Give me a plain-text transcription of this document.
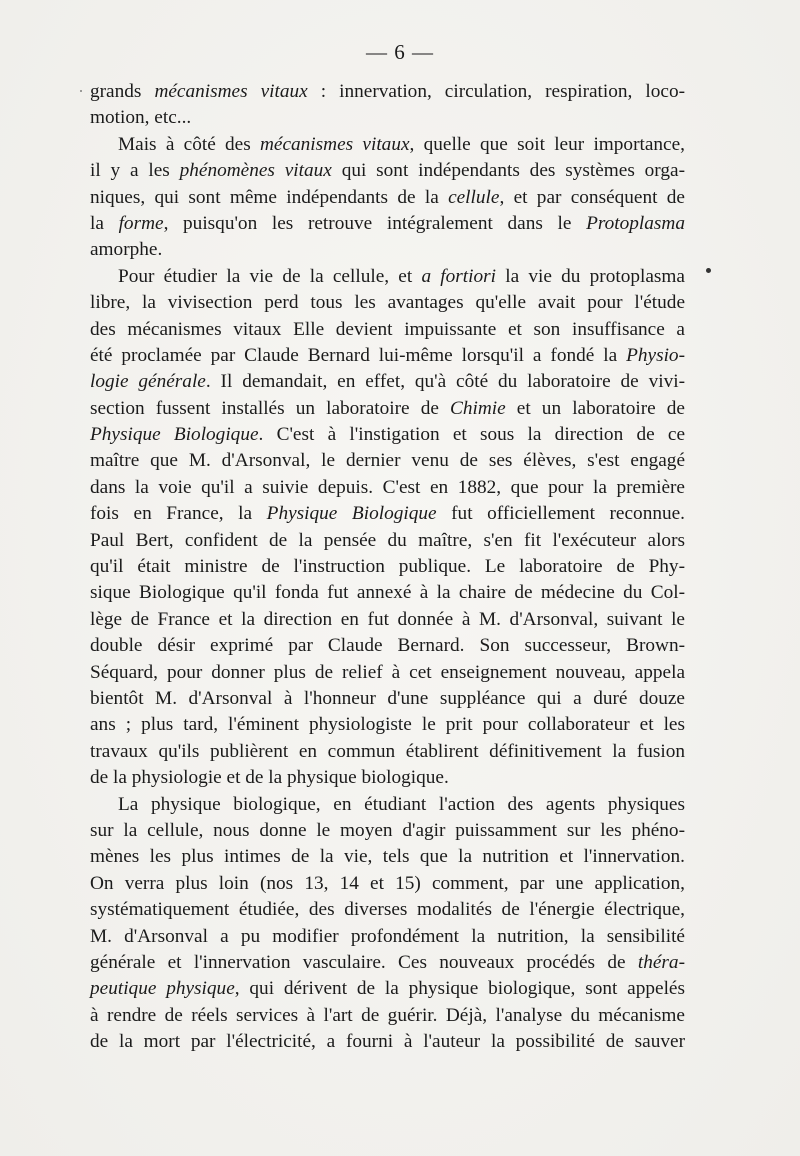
— 6 —
grands mécanismes vitaux : innervation, circulation, respiration, loco-
motion, etc...
Mais à côté des mécanismes vitaux, quelle que soit leur importance,
il y a les phénomènes vitaux qui sont indépendants des systèmes orga-
niques, qui sont même indépendants de la cellule, et par conséquent de
la forme, puisqu'on les retrouve intégralement dans le Protoplasma
amorphe.
Pour étudier la vie de la cellule, et a fortiori la vie du protoplasma
libre, la vivisection perd tous les avantages qu'elle avait pour l'étude
des mécanismes vitaux Elle devient impuissante et son insuffisance a
été proclamée par Claude Bernard lui-même lorsqu'il a fondé la Physio-
logie générale. Il demandait, en effet, qu'à côté du laboratoire de vivi-
section fussent installés un laboratoire de Chimie et un laboratoire de
Physique Biologique. C'est à l'instigation et sous la direction de ce
maître que M. d'Arsonval, le dernier venu de ses élèves, s'est engagé
dans la voie qu'il a suivie depuis. C'est en 1882, que pour la première
fois en France, la Physique Biologique fut officiellement reconnue.
Paul Bert, confident de la pensée du maître, s'en fit l'exécuteur alors
qu'il était ministre de l'instruction publique. Le laboratoire de Phy-
sique Biologique qu'il fonda fut annexé à la chaire de médecine du Col-
lège de France et la direction en fut donnée à M. d'Arsonval, suivant le
double désir exprimé par Claude Bernard. Son successeur, Brown-
Séquard, pour donner plus de relief à cet enseignement nouveau, appela
bientôt M. d'Arsonval à l'honneur d'une suppléance qui a duré douze
ans ; plus tard, l'éminent physiologiste le prit pour collaborateur et les
travaux qu'ils publièrent en commun établirent définitivement la fusion
de la physiologie et de la physique biologique.
La physique biologique, en étudiant l'action des agents physiques
sur la cellule, nous donne le moyen d'agir puissamment sur les phéno-
mènes les plus intimes de la vie, tels que la nutrition et l'innervation.
On verra plus loin (nos 13, 14 et 15) comment, par une application,
systématiquement étudiée, des diverses modalités de l'énergie électrique,
M. d'Arsonval a pu modifier profondément la nutrition, la sensibilité
générale et l'innervation vasculaire. Ces nouveaux procédés de théra-
peutique physique, qui dérivent de la physique biologique, sont appelés
à rendre de réels services à l'art de guérir. Déjà, l'analyse du mécanisme
de la mort par l'électricité, a fourni à l'auteur la possibilité de sauver
